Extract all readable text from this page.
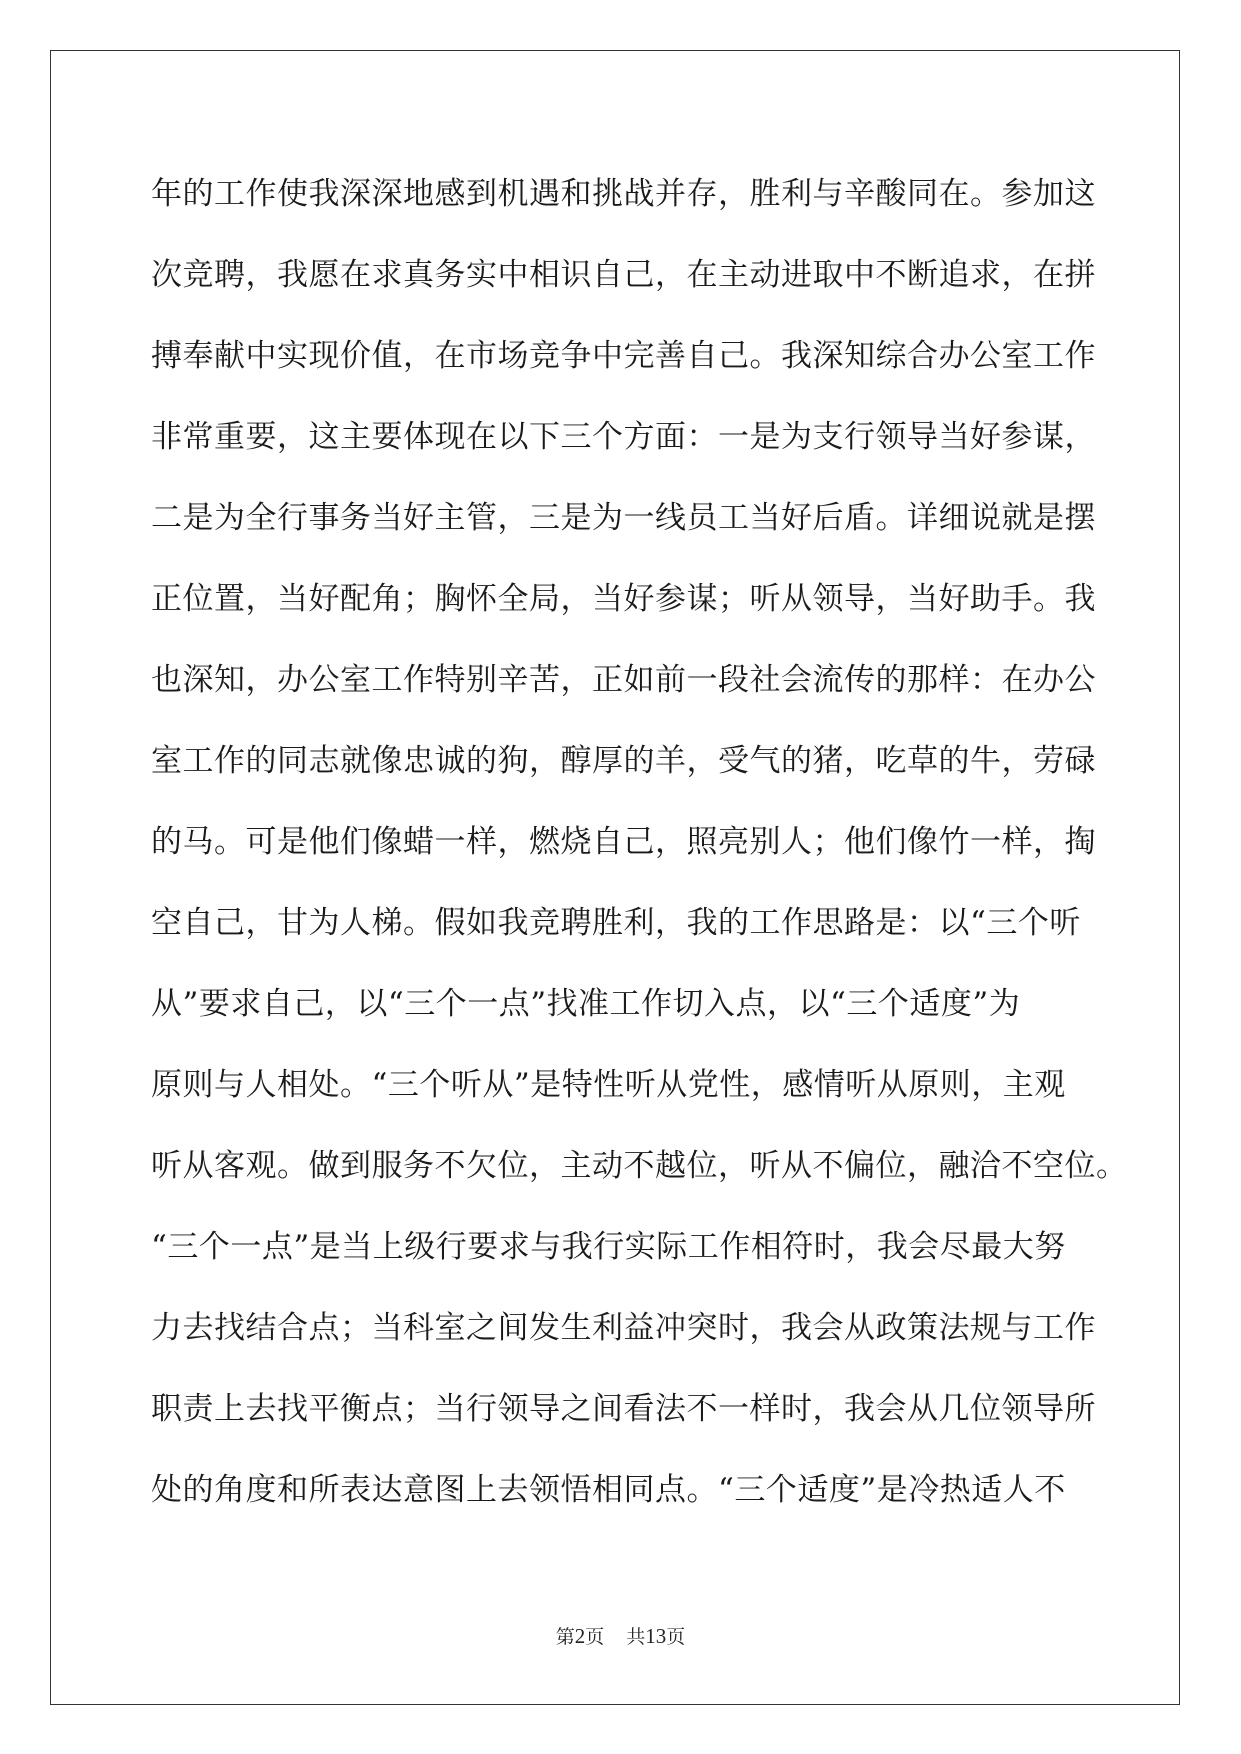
年的工作使我深深地感到机遇和挑战并存，胜利与辛酸同在。参加这
次竞聘，我愿在求真务实中相识自己，在主动进取中不断追求，在拼
搏奉献中实现价值，在市场竞争中完善自己。我深知综合办公室工作
非常重要，这主要体现在以下三个方面：一是为支行领导当好参谋，
二是为全行事务当好主管，三是为一线员工当好后盾。详细说就是摆
正位置，当好配角；胸怀全局，当好参谋；听从领导，当好助手。我
也深知，办公室工作特别辛苦，正如前一段社会流传的那样：在办公
室工作的同志就像忠诚的狗，醇厚的羊，受气的猪，吃草的牛，劳碌
的马。可是他们像蜡一样，燃烧自己，照亮别人；他们像竹一样，掏
空自己，甘为人梯。假如我竞聘胜利，我的工作思路是：以“三个听
从”要求自己，以“三个一点”找准工作切入点，以“三个适度”为
原则与人相处。“三个听从”是特性听从党性，感情听从原则，主观
听从客观。做到服务不欠位，主动不越位，听从不偏位，融洽不空位。
“三个一点”是当上级行要求与我行实际工作相符时，我会尽最大努
力去找结合点；当科室之间发生利益冲突时，我会从政策法规与工作
职责上去找平衡点；当行领导之间看法不一样时，我会从几位领导所
处的角度和所表达意图上去领悟相同点。“三个适度”是冷热适人不
第2页 共13页
